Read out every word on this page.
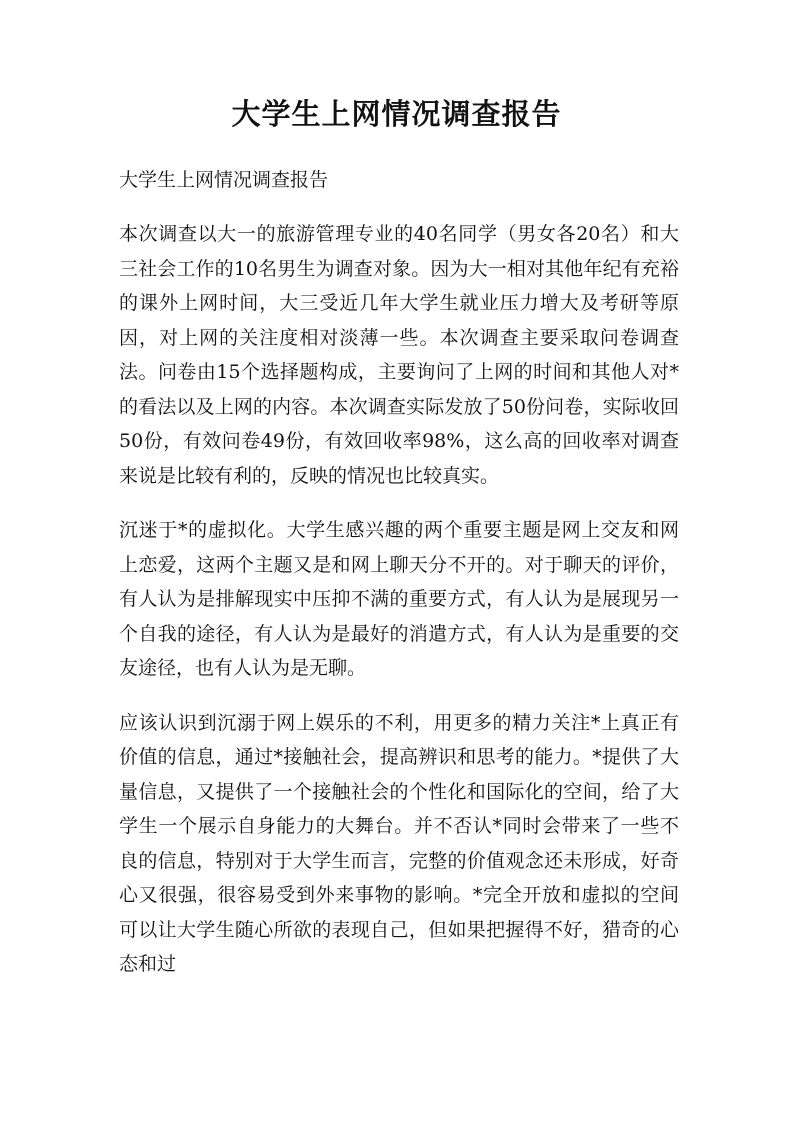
大学生上网情况调查报告

大学生上网情况调查报告

本次调查以大一的旅游管理专业的40名同学（男女各20名）和大三社会工作的10名男生为调查对象。因为大一相对其他年纪有充裕的课外上网时间，大三受近几年大学生就业压力增大及考研等原因，对上网的关注度相对淡薄一些。本次调查主要采取问卷调查法。问卷由15个选择题构成，主要询问了上网的时间和其他人对*的看法以及上网的内容。本次调查实际发放了50份问卷，实际收回50份，有效问卷49份，有效回收率98%，这么高的回收率对调查来说是比较有利的，反映的情况也比较真实。

沉迷于*的虚拟化。大学生感兴趣的两个重要主题是网上交友和网上恋爱，这两个主题又是和网上聊天分不开的。对于聊天的评价，有人认为是排解现实中压抑不满的重要方式，有人认为是展现另一个自我的途径，有人认为是最好的消遣方式，有人认为是重要的交友途径，也有人认为是无聊。

应该认识到沉溺于网上娱乐的不利，用更多的精力关注*上真正有价值的信息，通过*接触社会，提高辨识和思考的能力。*提供了大量信息，又提供了一个接触社会的个性化和国际化的空间，给了大学生一个展示自身能力的大舞台。并不否认*同时会带来了一些不良的信息，特别对于大学生而言，完整的价值观念还未形成，好奇心又很强，很容易受到外来事物的影响。*完全开放和虚拟的空间可以让大学生随心所欲的表现自己，但如果把握得不好，猎奇的心态和过
